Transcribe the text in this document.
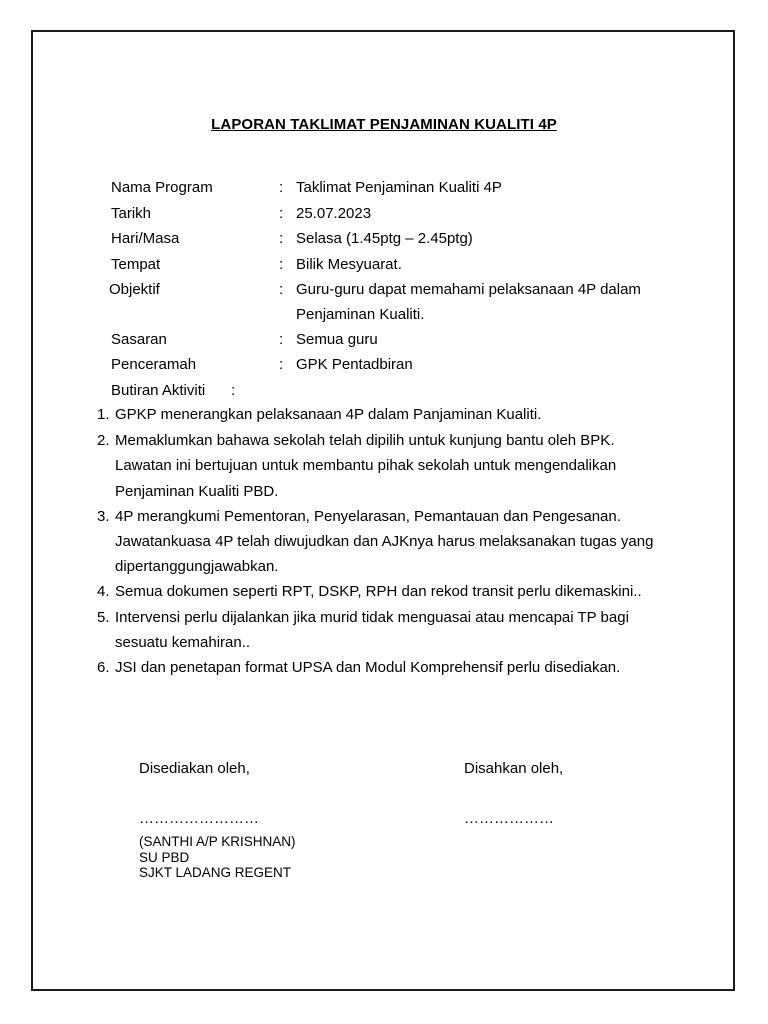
LAPORAN TAKLIMAT PENJAMINAN KUALITI 4P
Nama Program	: Taklimat Penjaminan Kualiti 4P
Tarikh	: 25.07.2023
Hari/Masa	: Selasa (1.45ptg – 2.45ptg)
Tempat	: Bilik Mesyuarat.
Objektif	: Guru-guru dapat memahami pelaksanaan 4P dalam
Penjaminan Kualiti.
Sasaran	: Semua guru
Penceramah	: GPK Pentadbiran
Butiran Aktiviti :
1. GPKP menerangkan pelaksanaan 4P dalam Panjaminan Kualiti.
2. Memaklumkan bahawa sekolah telah dipilih untuk kunjung bantu oleh BPK.
Lawatan ini bertujuan untuk membantu pihak sekolah untuk mengendalikan
Penjaminan Kualiti PBD.
3. 4P merangkumi Pementoran, Penyelarasan, Pemantauan dan Pengesanan.
Jawatankuasa 4P telah diwujudkan dan AJKnya harus melaksanakan tugas yang
dipertanggungjawabkan.
4. Semua dokumen seperti RPT, DSKP, RPH dan rekod transit perlu dikemaskini..
5. Intervensi perlu dijalankan jika murid tidak menguasai atau mencapai TP bagi
sesuatu kemahiran..
6. JSI dan penetapan format UPSA dan Modul Komprehensif perlu disediakan.
Disediakan oleh,	Disahkan oleh,
……………………	………………
(SANTHI A/P KRISHNAN)
SU PBD
SJKT LADANG REGENT
